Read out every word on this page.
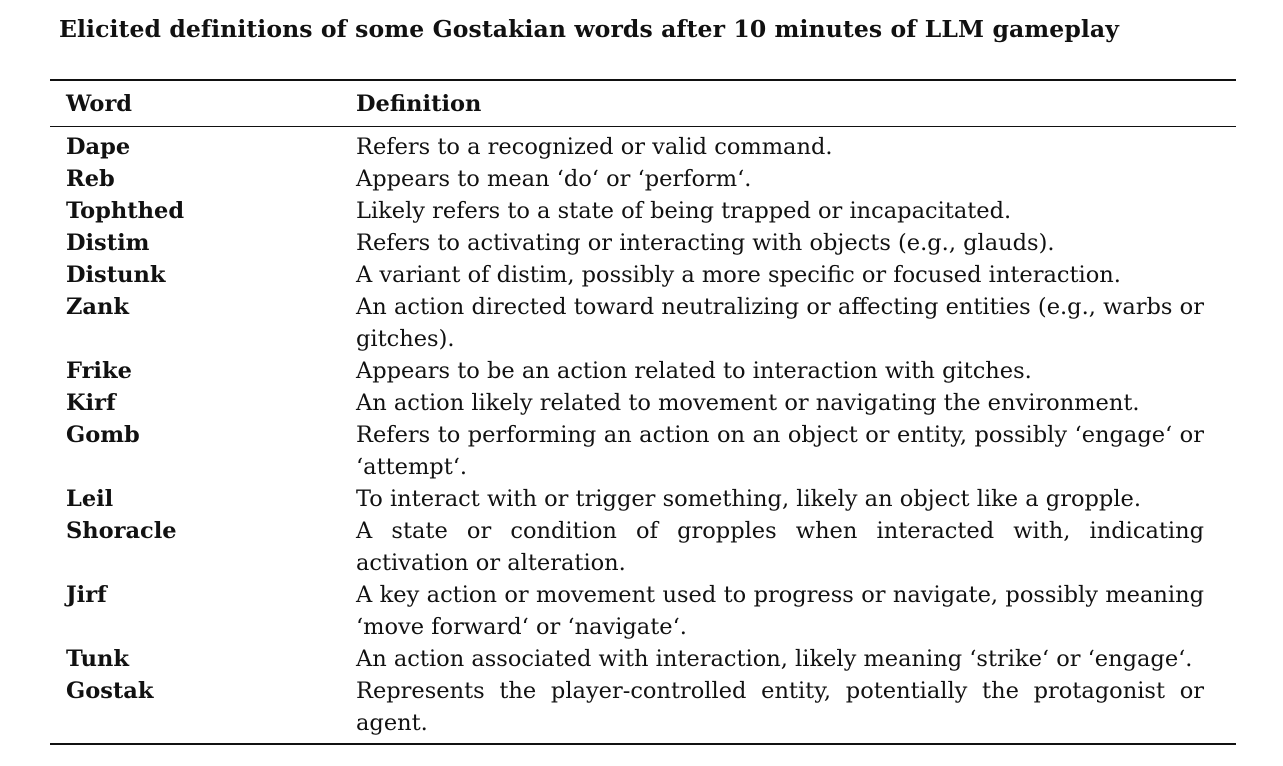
Elicited definitions of some Gostakian words after 10 minutes of LLM gameplay
Word	Definition
Dape	Refers to a recognized or valid command.
Reb	Appears to mean ‘do‘ or ‘perform‘.
Tophthed	Likely refers to a state of being trapped or incapacitated.
Distim	Refers to activating or interacting with objects (e.g., glauds).
Distunk	A variant of distim, possibly a more specific or focused interaction.
Zank	An action directed toward neutralizing or affecting entities (e.g., warbs or gitches).
Frike	Appears to be an action related to interaction with gitches.
Kirf	An action likely related to movement or navigating the environment.
Gomb	Refers to performing an action on an object or entity, possibly ‘engage‘ or ‘attempt‘.
Leil	To interact with or trigger something, likely an object like a gropple.
Shoracle	A state or condition of gropples when interacted with, indicating activation or alteration.
Jirf	A key action or movement used to progress or navigate, possibly meaning ‘move forward‘ or ‘navigate‘.
Tunk	An action associated with interaction, likely meaning ‘strike‘ or ‘engage‘.
Gostak	Represents the player-controlled entity, potentially the protagonist or agent.
